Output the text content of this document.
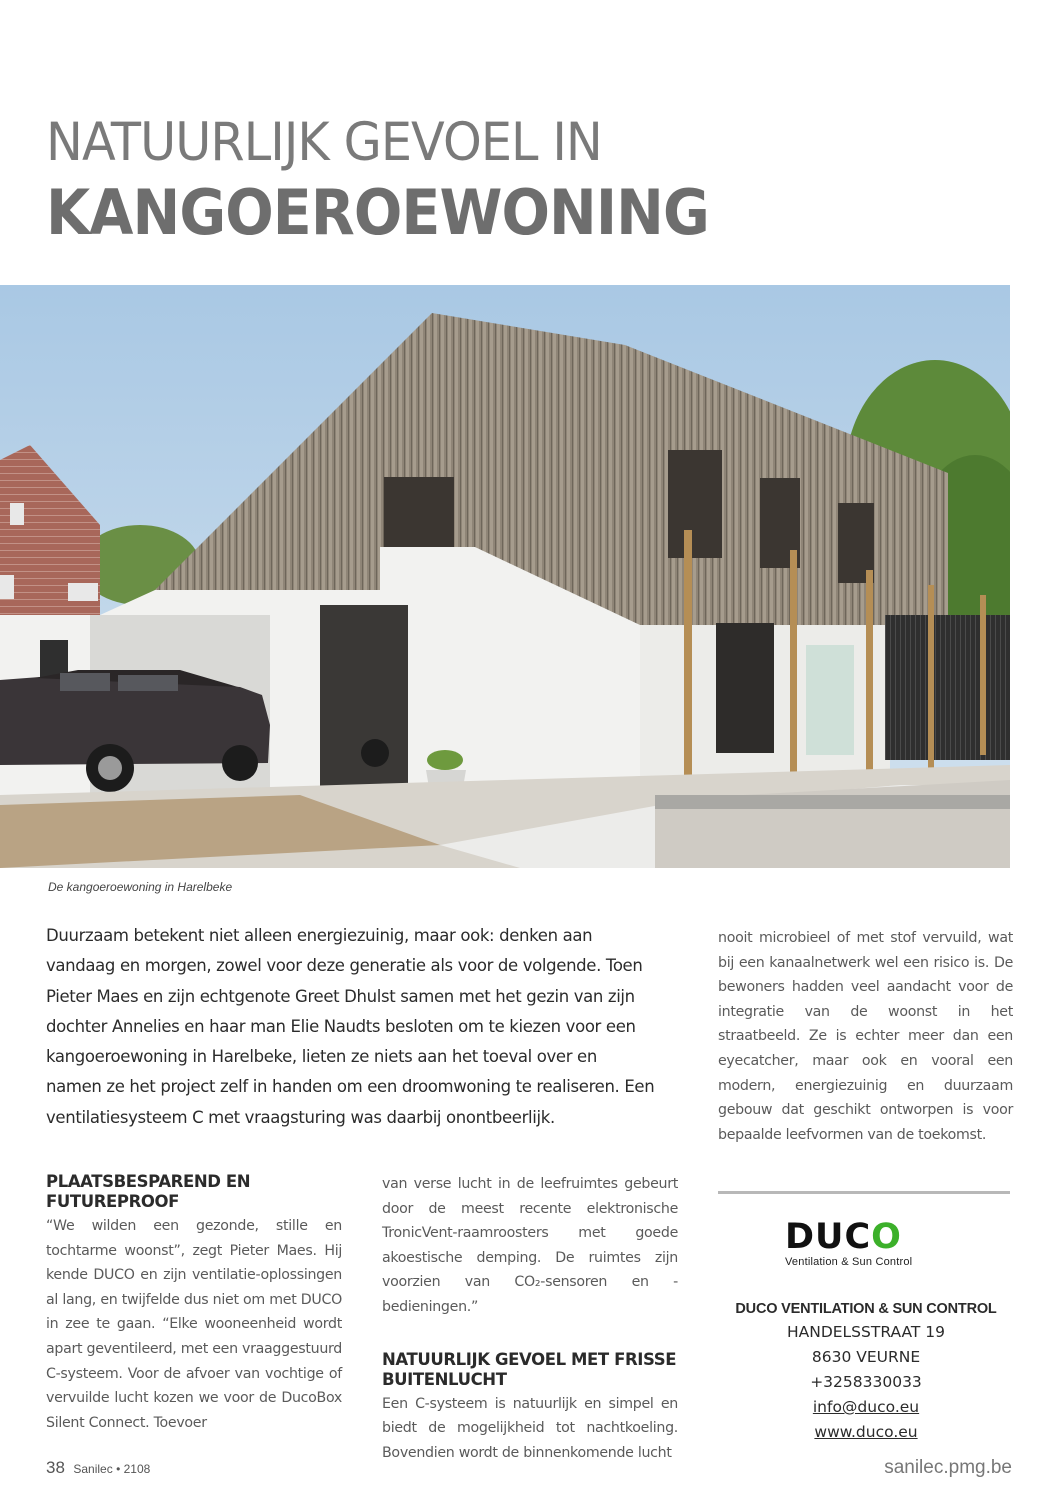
NATUURLIJK GEVOEL IN
KANGOEROEWONING
De kangoeroewoning in Harelbeke

Duurzaam betekent niet alleen energiezuinig, maar ook: denken aan vandaag en morgen, zowel voor deze generatie als voor de volgende. Toen Pieter Maes en zijn echtgenote Greet Dhulst samen met het gezin van zijn dochter Annelies en haar man Elie Naudts besloten om te kiezen voor een kangoeroewoning in Harelbeke, lieten ze niets aan het toeval over en namen ze het project zelf in handen om een droomwoning te realiseren. Een ventilatiesysteem C met vraagsturing was daarbij onontbeerlijk.

nooit microbieel of met stof vervuild, wat bij een kanaalnetwerk wel een risico is. De bewoners hadden veel aandacht voor de integratie van de woonst in het straatbeeld. Ze is echter meer dan een eyecatcher, maar ook en vooral een modern, energiezuinig en duurzaam gebouw dat geschikt ontworpen is voor bepaalde leefvormen van de toekomst.
PLAATSBESPAREND EN FUTUREPROOF

“We wilden een gezonde, stille en tochtarme woonst”, zegt Pieter Maes. Hij kende DUCO en zijn ventilatie-oplossingen al lang, en twijfelde dus niet om met DUCO in zee te gaan. “Elke wooneenheid wordt apart geventileerd, met een vraaggestuurd C-systeem. Voor de afvoer van vochtige of vervuilde lucht kozen we voor de DucoBox Silent Connect. Toevoer

van verse lucht in de leefruimtes gebeurt door de meest recente elektronische TronicVent-raamroosters met goede akoestische demping. De ruimtes zijn voorzien van CO₂-sensoren en -bedieningen.”

NATUURLIJK GEVOEL MET FRISSE BUITENLUCHT

Een C-systeem is natuurlijk en simpel en biedt de mogelijkheid tot nachtkoeling. Bovendien wordt de binnenkomende lucht

DUCO
Ventilation & Sun Control
DUCO VENTILATION & SUN CONTROL
HANDELSSTRAAT 19
8630 VEURNE
+3258330033
info@duco.eu
www.duco.eu
38 Sanilec • 2108	sanilec.pmg.be
